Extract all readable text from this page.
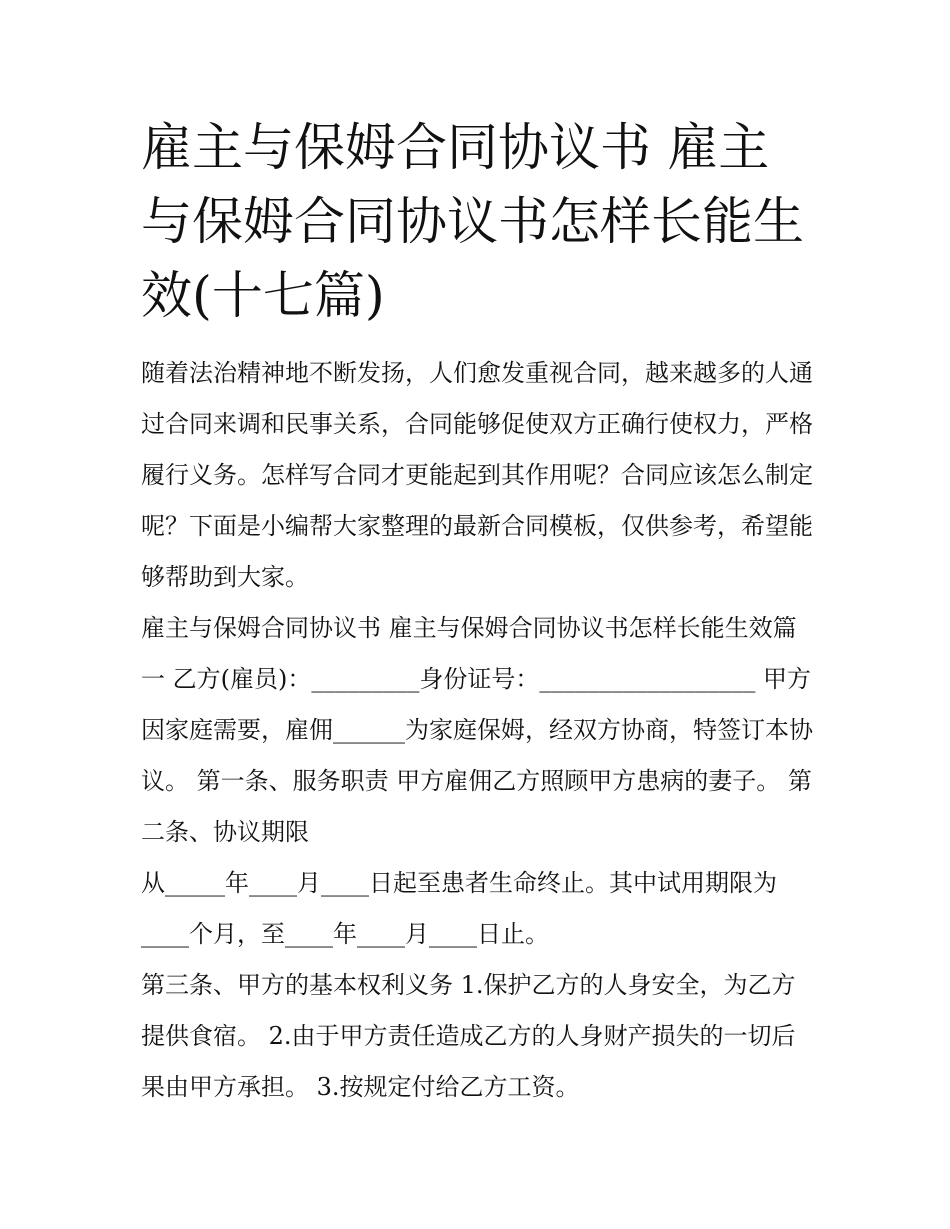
雇主与保姆合同协议书 雇主与保姆合同协议书怎样长能生效(十七篇)

随着法治精神地不断发扬，人们愈发重视合同，越来越多的人通过合同来调和民事关系，合同能够促使双方正确行使权力，严格履行义务。怎样写合同才更能起到其作用呢？合同应该怎么制定呢？下面是小编帮大家整理的最新合同模板，仅供参考，希望能够帮助到大家。

雇主与保姆合同协议书 雇主与保姆合同协议书怎样长能生效篇一 乙方(雇员)：_________身份证号：__________________ 甲方因家庭需要，雇佣______为家庭保姆，经双方协商，特签订本协议。 第一条、服务职责 甲方雇佣乙方照顾甲方患病的妻子。 第二条、协议期限

从_____年____月____日起至患者生命终止。其中试用期限为____个月，至____年____月____日止。

第三条、甲方的基本权利义务 1.保护乙方的人身安全，为乙方提供食宿。 2.由于甲方责任造成乙方的人身财产损失的一切后果由甲方承担。 3.按规定付给乙方工资。
